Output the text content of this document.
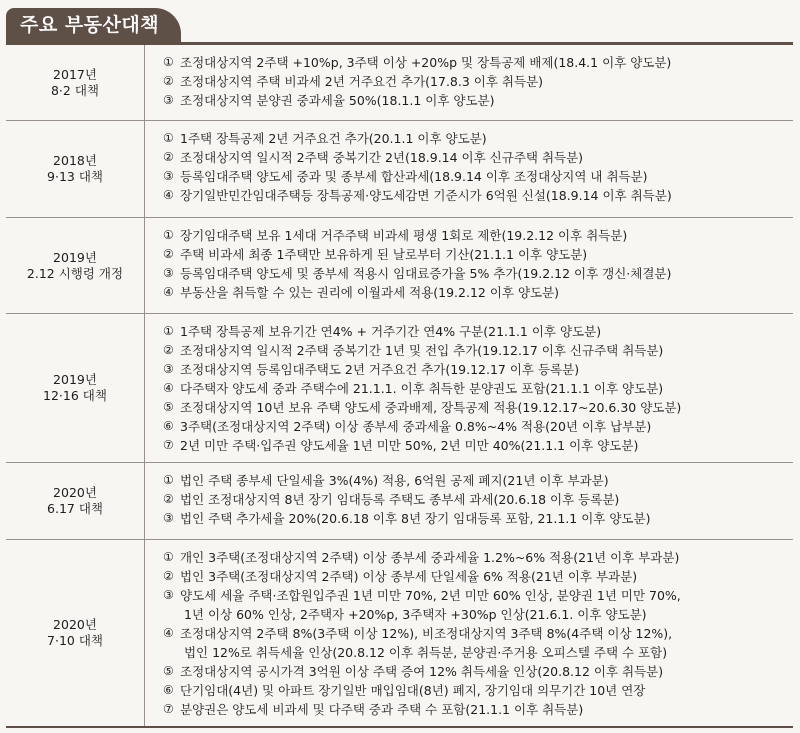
주요 부동산대책
2017년
8·2 대책
① 조정대상지역 2주택 +10%p, 3주택 이상 +20%p 및 장특공제 배제(18.4.1 이후 양도분)
② 조정대상지역 주택 비과세 2년 거주요건 추가(17.8.3 이후 취득분)
③ 조정대상지역 분양권 중과세율 50%(18.1.1 이후 양도분)
2018년
9·13 대책
① 1주택 장특공제 2년 거주요건 추가(20.1.1 이후 양도분)
② 조정대상지역 일시적 2주택 중복기간 2년(18.9.14 이후 신규주택 취득분)
③ 등록임대주택 양도세 중과 및 종부세 합산과세(18.9.14 이후 조정대상지역 내 취득분)
④ 장기일반민간임대주택등 장특공제·양도세감면 기준시가 6억원 신설(18.9.14 이후 취득분)
2019년
2.12 시행령 개정
① 장기임대주택 보유 1세대 거주주택 비과세 평생 1회로 제한(19.2.12 이후 취득분)
② 주택 비과세 최종 1주택만 보유하게 된 날로부터 기산(21.1.1 이후 양도분)
③ 등록임대주택 양도세 및 종부세 적용시 임대료증가율 5% 추가(19.2.12 이후 갱신·체결분)
④ 부동산을 취득할 수 있는 권리에 이월과세 적용(19.2.12 이후 양도분)
2019년
12·16 대책
① 1주택 장특공제 보유기간 연4% + 거주기간 연4% 구분(21.1.1 이후 양도분)
② 조정대상지역 일시적 2주택 중복기간 1년 및 전입 추가(19.12.17 이후 신규주택 취득분)
③ 조정대상지역 등록임대주택도 2년 거주요건 추가(19.12.17 이후 등록분)
④ 다주택자 양도세 중과 주택수에 21.1.1. 이후 취득한 분양권도 포함(21.1.1 이후 양도분)
⑤ 조정대상지역 10년 보유 주택 양도세 중과배제, 장특공제 적용(19.12.17~20.6.30 양도분)
⑥ 3주택(조정대상지역 2주택) 이상 종부세 중과세율 0.8%~4% 적용(20년 이후 납부분)
⑦ 2년 미만 주택·입주권 양도세율 1년 미만 50%, 2년 미만 40%(21.1.1 이후 양도분)
2020년
6.17 대책
① 법인 주택 종부세 단일세율 3%(4%) 적용, 6억원 공제 폐지(21년 이후 부과분)
② 법인 조정대상지역 8년 장기 임대등록 주택도 종부세 과세(20.6.18 이후 등록분)
③ 법인 주택 추가세율 20%(20.6.18 이후 8년 장기 임대등록 포함, 21.1.1 이후 양도분)
2020년
7·10 대책
① 개인 3주택(조정대상지역 2주택) 이상 종부세 중과세율 1.2%~6% 적용(21년 이후 부과분)
② 법인 3주택(조정대상지역 2주택) 이상 종부세 단일세율 6% 적용(21년 이후 부과분)
③ 양도세 세율 주택·조합원입주권 1년 미만 70%, 2년 미만 60% 인상, 분양권 1년 미만 70%,
1년 이상 60% 인상, 2주택자 +20%p, 3주택자 +30%p 인상(21.6.1. 이후 양도분)
④ 조정대상지역 2주택 8%(3주택 이상 12%), 비조정대상지역 3주택 8%(4주택 이상 12%),
법인 12%로 취득세율 인상(20.8.12 이후 취득분, 분양권·주거용 오피스텔 주택 수 포함)
⑤ 조정대상지역 공시가격 3억원 이상 주택 증여 12% 취득세율 인상(20.8.12 이후 취득분)
⑥ 단기임대(4년) 및 아파트 장기일반 매입임대(8년) 폐지, 장기임대 의무기간 10년 연장
⑦ 분양권은 양도세 비과세 및 다주택 중과 주택 수 포함(21.1.1 이후 취득분)
